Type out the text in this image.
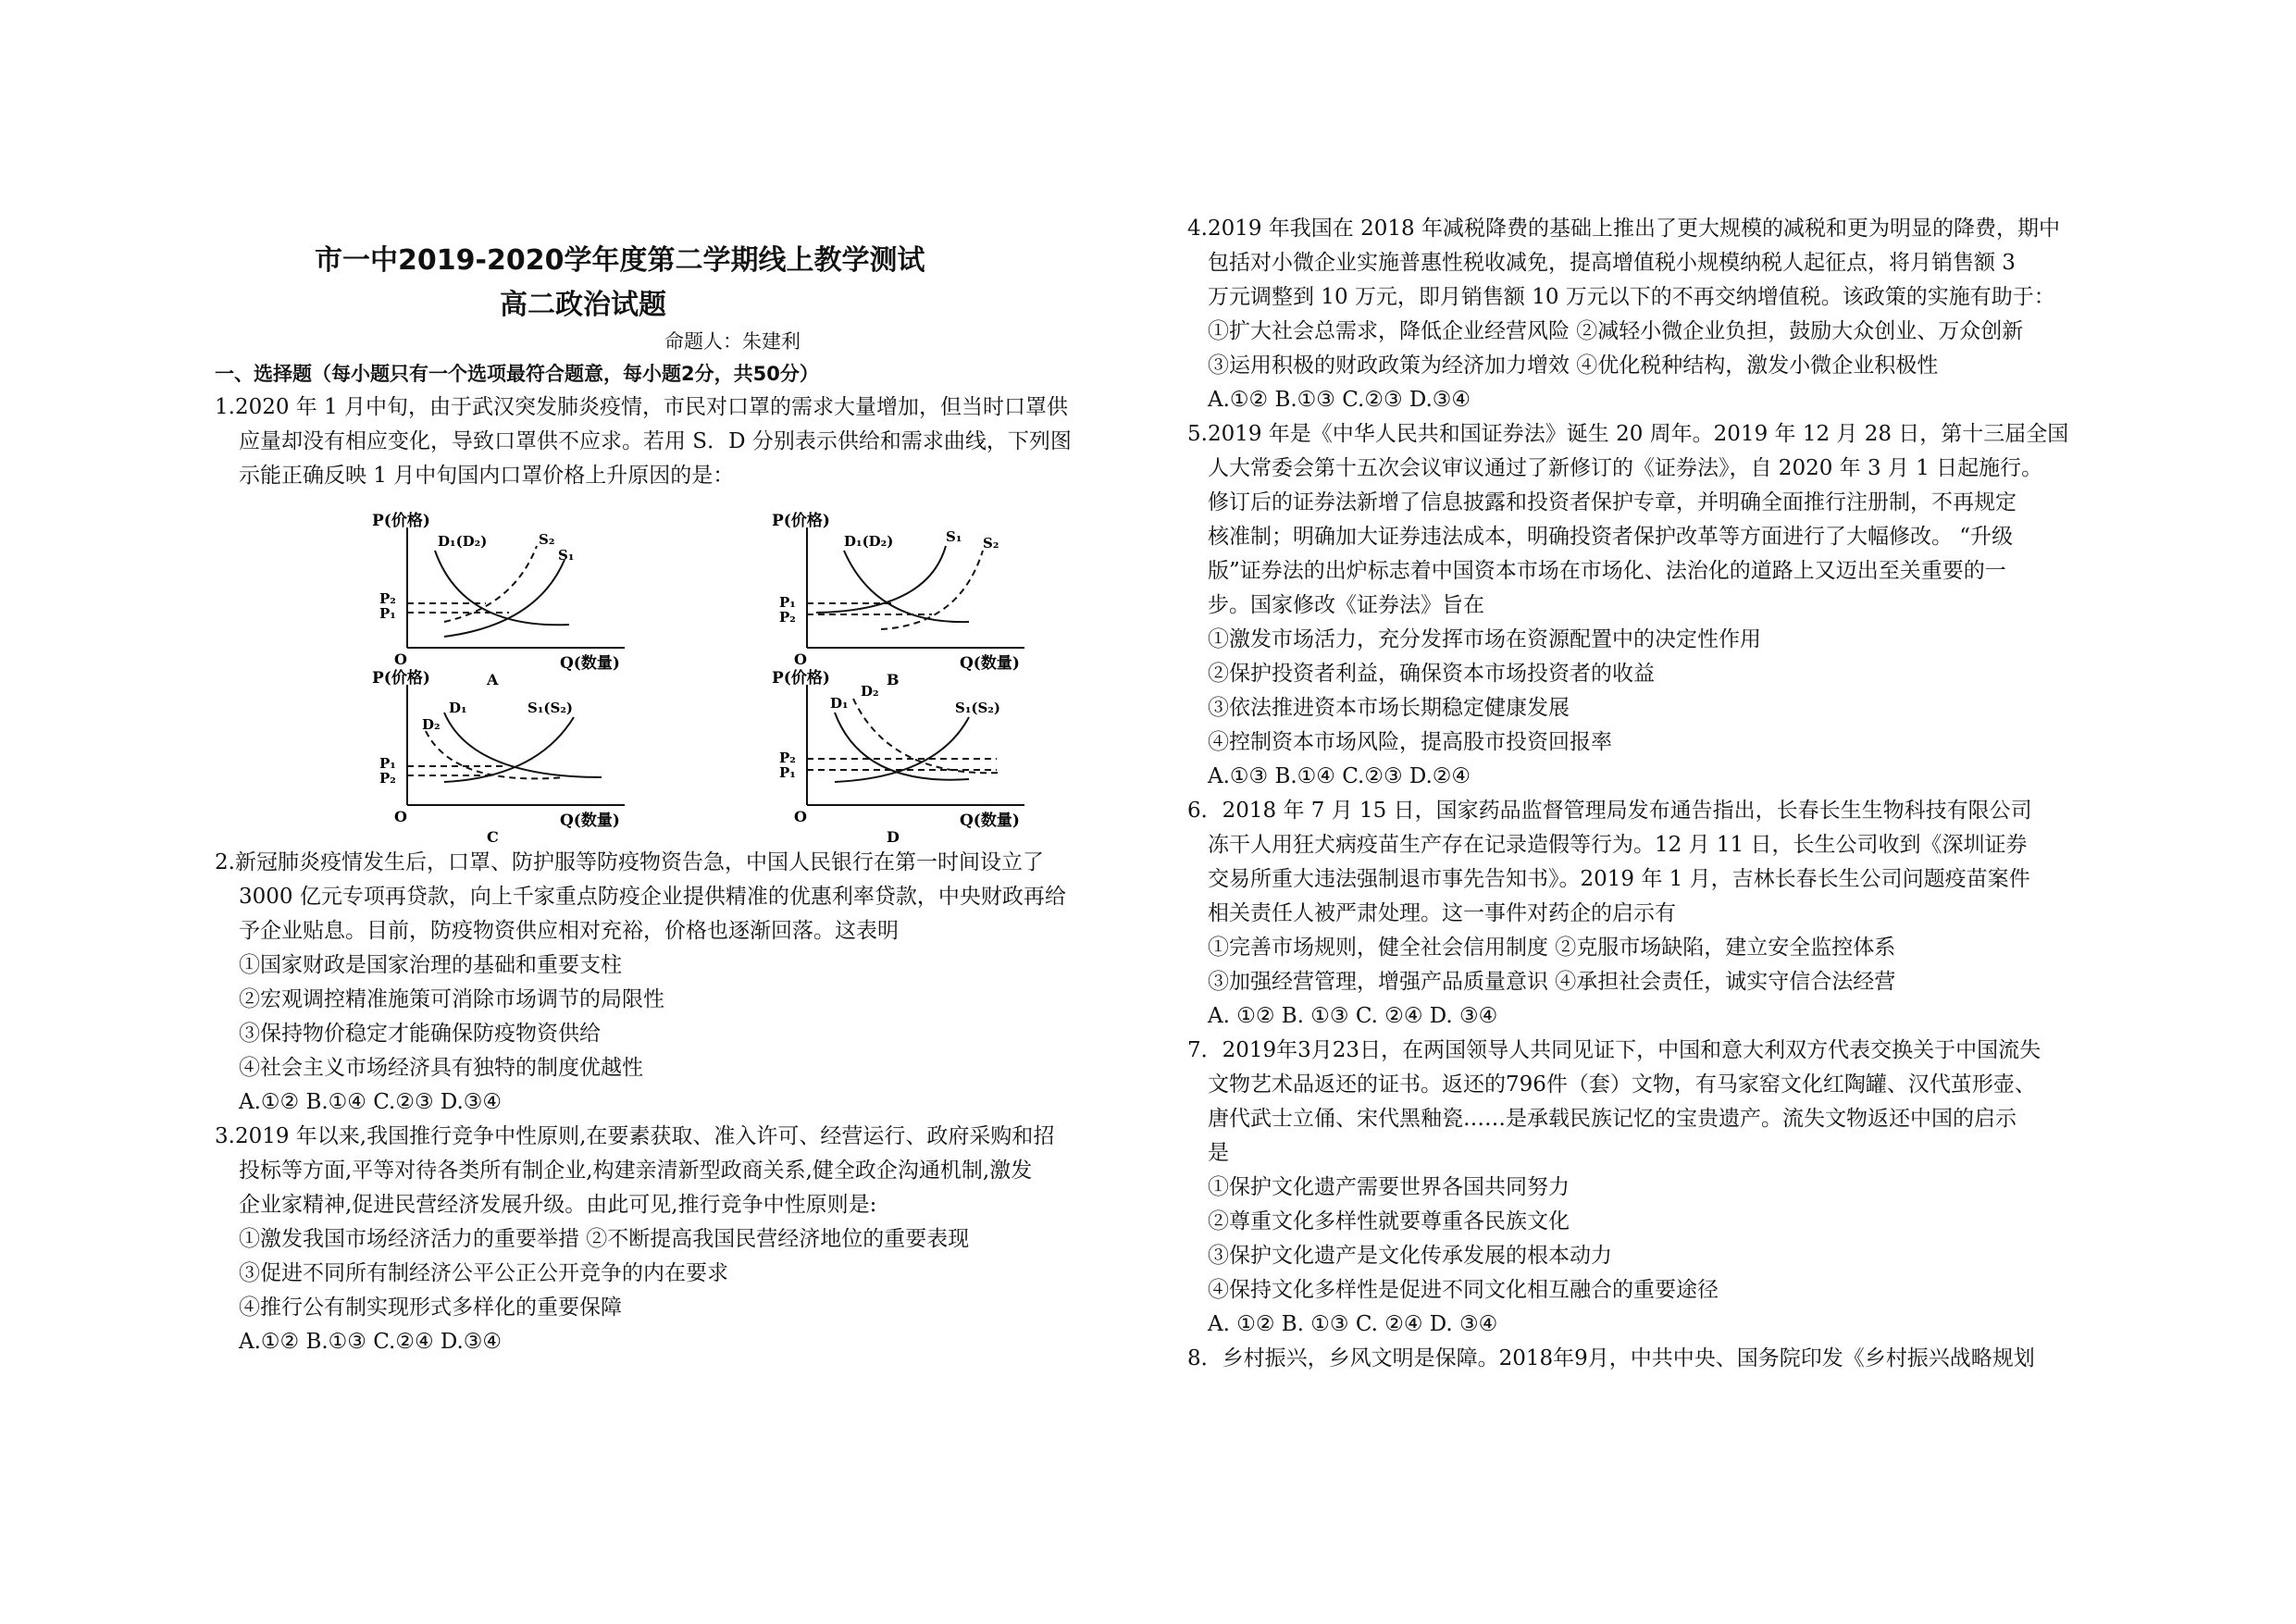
市一中2019-2020学年度第二学期线上教学测试
高二政治试题
命题人：朱建利
一、选择题（每小题只有一个选项最符合题意，每小题2分，共50分）
1.2020 年 1 月中旬，由于武汉突发肺炎疫情，市民对口罩的需求大量增加，但当时口罩供
应量却没有相应变化，导致口罩供不应求。若用 S．D 分别表示供给和需求曲线，下列图
示能正确反映 1 月中旬国内口罩价格上升原因的是：
2.新冠肺炎疫情发生后，口罩、防护服等防疫物资告急，中国人民银行在第一时间设立了
3000 亿元专项再贷款，向上千家重点防疫企业提供精准的优惠利率贷款，中央财政再给
予企业贴息。目前，防疫物资供应相对充裕，价格也逐渐回落。这表明
①国家财政是国家治理的基础和重要支柱
②宏观调控精准施策可消除市场调节的局限性
③保持物价稳定才能确保防疫物资供给
④社会主义市场经济具有独特的制度优越性
A.①② B.①④ C.②③ D.③④
3.2019 年以来,我国推行竞争中性原则,在要素获取、准入许可、经营运行、政府采购和招
投标等方面,平等对待各类所有制企业,构建亲清新型政商关系,健全政企沟通机制,激发
企业家精神,促进民营经济发展升级。由此可见,推行竞争中性原则是:
①激发我国市场经济活力的重要举措 ②不断提高我国民营经济地位的重要表现
③促进不同所有制经济公平公正公开竞争的内在要求
④推行公有制实现形式多样化的重要保障
A.①② B.①③ C.②④ D.③④
4.2019 年我国在 2018 年减税降费的基础上推出了更大规模的减税和更为明显的降费，期中
包括对小微企业实施普惠性税收减免，提高增值税小规模纳税人起征点，将月销售额 3
万元调整到 10 万元，即月销售额 10 万元以下的不再交纳增值税。该政策的实施有助于：
①扩大社会总需求，降低企业经营风险 ②减轻小微企业负担，鼓励大众创业、万众创新
③运用积极的财政政策为经济加力增效 ④优化税种结构，激发小微企业积极性
A.①② B.①③ C.②③ D.③④
5.2019 年是《中华人民共和国证券法》诞生 20 周年。2019 年 12 月 28 日，第十三届全国
人大常委会第十五次会议审议通过了新修订的《证券法》，自 2020 年 3 月 1 日起施行。
修订后的证券法新增了信息披露和投资者保护专章，并明确全面推行注册制，不再规定
核准制；明确加大证券违法成本，明确投资者保护改革等方面进行了大幅修改。 “升级
版”证券法的出炉标志着中国资本市场在市场化、法治化的道路上又迈出至关重要的一
步。国家修改《证券法》旨在
①激发市场活力，充分发挥市场在资源配置中的决定性作用
②保护投资者利益，确保资本市场投资者的收益
③依法推进资本市场长期稳定健康发展
④控制资本市场风险，提高股市投资回报率
A.①③ B.①④ C.②③ D.②④
6．2018 年 7 月 15 日，国家药品监督管理局发布通告指出，长春长生生物科技有限公司
冻干人用狂犬病疫苗生产存在记录造假等行为。12 月 11 日，长生公司收到《深圳证券
交易所重大违法强制退市事先告知书》。2019 年 1 月，吉林长春长生公司问题疫苗案件
相关责任人被严肃处理。这一事件对药企的启示有
①完善市场规则，健全社会信用制度 ②克服市场缺陷，建立安全监控体系
③加强经营管理，增强产品质量意识 ④承担社会责任，诚实守信合法经营
A. ①② B. ①③ C. ②④ D. ③④
7．2019年3月23日，在两国领导人共同见证下，中国和意大利双方代表交换关于中国流失
文物艺术品返还的证书。返还的796件（套）文物，有马家窑文化红陶罐、汉代茧形壶、
唐代武士立俑、宋代黑釉瓷……是承载民族记忆的宝贵遗产。流失文物返还中国的启示
是
①保护文化遗产需要世界各国共同努力
②尊重文化多样性就要尊重各民族文化
③保护文化遗产是文化传承发展的根本动力
④保持文化多样性是促进不同文化相互融合的重要途径
A. ①② B. ①③ C. ②④ D. ③④
8．乡村振兴，乡风文明是保障。2018年9月，中共中央、国务院印发《乡村振兴战略规划
P(价格)
Q(数量)
O
A
D₁(D₂)	S₂
S₁
P₂
P₁
P(价格)
Q(数量)
O
B
D₁(D₂)	S₁ S₂
P₁
P₂
P(价格)
Q(数量)
O
C
D₁
D₂
S₁(S₂)
P₁
P₂
P(价格)
Q(数量)
O
D
D₁
D₂
S₁(S₂)
P₂
P₁
